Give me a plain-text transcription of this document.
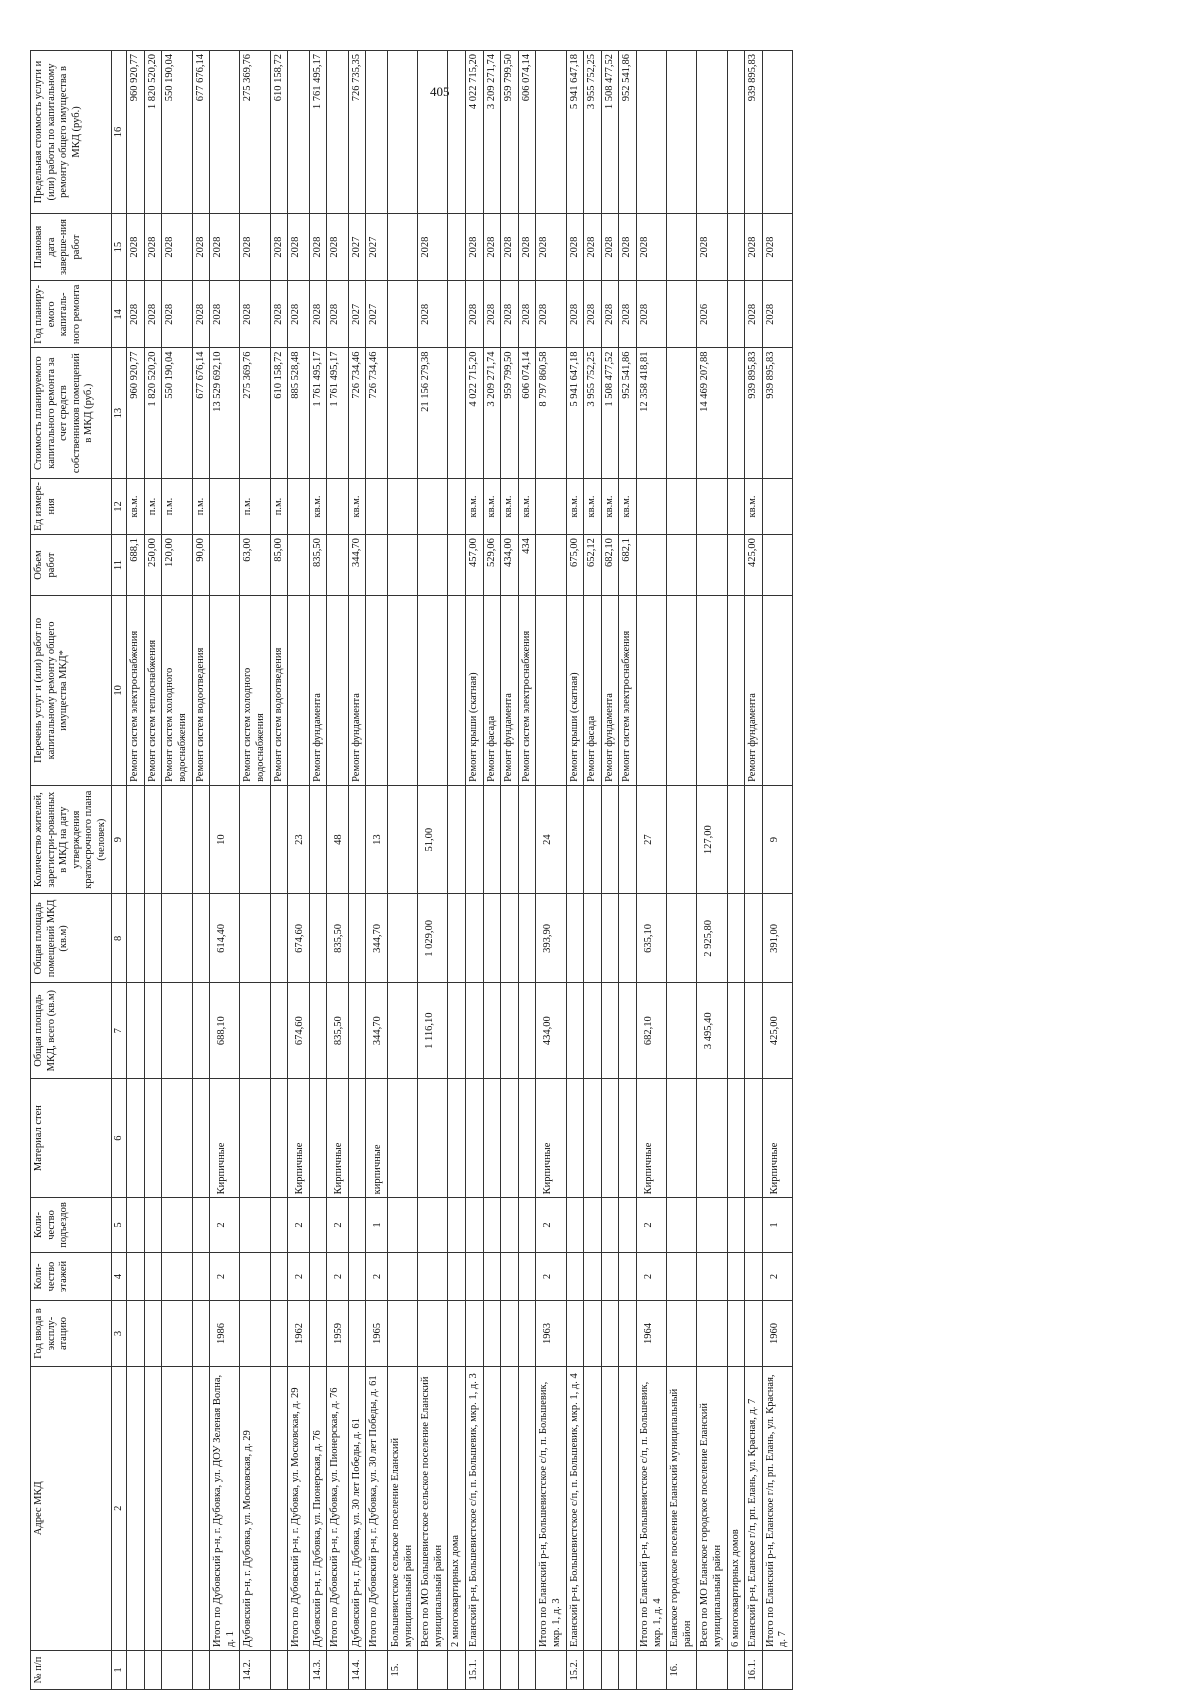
405
№ п/п	Адрес МКД	Год ввода в эксплу-атацию	Коли-чество этажей	Коли-чество подъездов	Материал стен	Общая площадь МКД, всего (кв.м)	Общая площадь помещений МКД (кв.м)	Количество жителей, зарегистри-рованных в МКД на дату утверждения краткосрочного плана (человек)	Перечень услуг и (или) работ по капитальному ремонту общего имущества МКД*	Объем работ	Ед измере-ния	Стоимость планируемого капитального ремонта за счет средств собственников помещений в МКД (руб.)	Год планиру-емого капиталь-ного ремонта	Плановая дата заверше-ния работ	Предельная стоимость услуги и (или) работы по капитальному ремонту общего имущества в МКД (руб.)
1	2	3	4	5	6	7	8	9	10	11	12	13	14	15	16

									Ремонт систем электроснабжения	688,1	кв.м.	960 920,77	2028	2028	960 920,77

									Ремонт систем теплоснабжения	250,00	п.м.	1 820 520,20	2028	2028	1 820 520,20

									Ремонт систем холодного водоснабжения	120,00	п.м.	550 190,04	2028	2028	550 190,04

									Ремонт систем водоотведения	90,00	п.м.	677 676,14	2028	2028	677 676,14

	Итого по Дубовский р-н, г. Дубовка, ул. ДОУ Зеленая Волна, д. 1	1986	2	2	Кирпичные	688,10	614,40	10				13 529 692,10	2028	2028	

14.2.	Дубовский р-н, г. Дубовка, ул. Московская, д. 29								Ремонт систем холодного водоснабжения	63,00	п.м.	275 369,76	2028	2028	275 369,76

									Ремонт систем водоотведения	85,00	п.м.	610 158,72	2028	2028	610 158,72

	Итого по Дубовский р-н, г. Дубовка, ул. Московская, д. 29	1962	2	2	Кирпичные	674,60	674,60	23				885 528,48	2028	2028	

14.3.	Дубовский р-н, г. Дубовка, ул. Пионерская, д. 76								Ремонт фундамента	835,50	кв.м.	1 761 495,17	2028	2028	1 761 495,17

	Итого по Дубовский р-н, г. Дубовка, ул. Пионерская, д. 76	1959	2	2	Кирпичные	835,50	835,50	48				1 761 495,17	2028	2028	

14.4.	Дубовский р-н, г. Дубовка, ул. 30 лет Победы, д. 61								Ремонт фундамента	344,70	кв.м.	726 734,46	2027	2027	726 735,35

	Итого по Дубовский р-н, г. Дубовка, ул. 30 лет Победы, д. 61	1965	2	1	кирпичные	344,70	344,70	13				726 734,46	2027	2027	

15.	Большевистское сельское поселение Еланский муниципальный район								

	Всего по МО Большевистское сельское поселение Еланский муниципальный район					1 116,10	1 029,00	51,00				21 156 279,38	2028	2028	

	2 многоквартирных дома								

15.1.	Еланский р-н, Большевистское с/п, п. Большевик, мкр. 1, д. 3								Ремонт крыши (скатная)	457,00	кв.м.	4 022 715,20	2028	2028	4 022 715,20

									Ремонт фасада	529,06	кв.м.	3 209 271,74	2028	2028	3 209 271,74

									Ремонт фундамента	434,00	кв.м.	959 799,50	2028	2028	959 799,50

									Ремонт систем электроснабжения	434	кв.м.	606 074,14	2028	2028	606 074,14

	Итого по Еланский р-н, Большевистское с/п, п. Большевик, мкр. 1, д. 3	1963	2	2	Кирпичные	434,00	393,90	24				8 797 860,58	2028	2028	

15.2.	Еланский р-н, Большевистское с/п, п. Большевик, мкр. 1, д. 4								Ремонт крыши (скатная)	675,00	кв.м.	5 941 647,18	2028	2028	5 941 647,18

									Ремонт фасада	652,12	кв.м.	3 955 752,25	2028	2028	3 955 752,25

									Ремонт фундамента	682,10	кв.м.	1 508 477,52	2028	2028	1 508 477,52

									Ремонт систем электроснабжения	682,1	кв.м.	952 541,86	2028	2028	952 541,86

	Итого по Еланский р-н, Большевистское с/п, п. Большевик, мкр. 1, д. 4	1964	2	2	Кирпичные	682,10	635,10	27				12 358 418,81	2028	2028	

16.	Еланское городское поселение Еланский муниципальный район								

	Всего по МО Еланское городское поселение Еланский муниципальный район					3 495,40	2 925,80	127,00				14 469 207,88	2026	2028	

	6 многоквартирных домов								

16.1.	Еланский р-н, Еланское г/п, рп. Елань, ул. Красная, д. 7								Ремонт фундамента	425,00	кв.м.	939 895,83	2028	2028	939 895,83

	Итого по Еланский р-н, Еланское г/п, рп. Елань, ул. Красная, д. 7	1960	2	1	Кирпичные	425,00	391,00	9				939 895,83	2028	2028	
